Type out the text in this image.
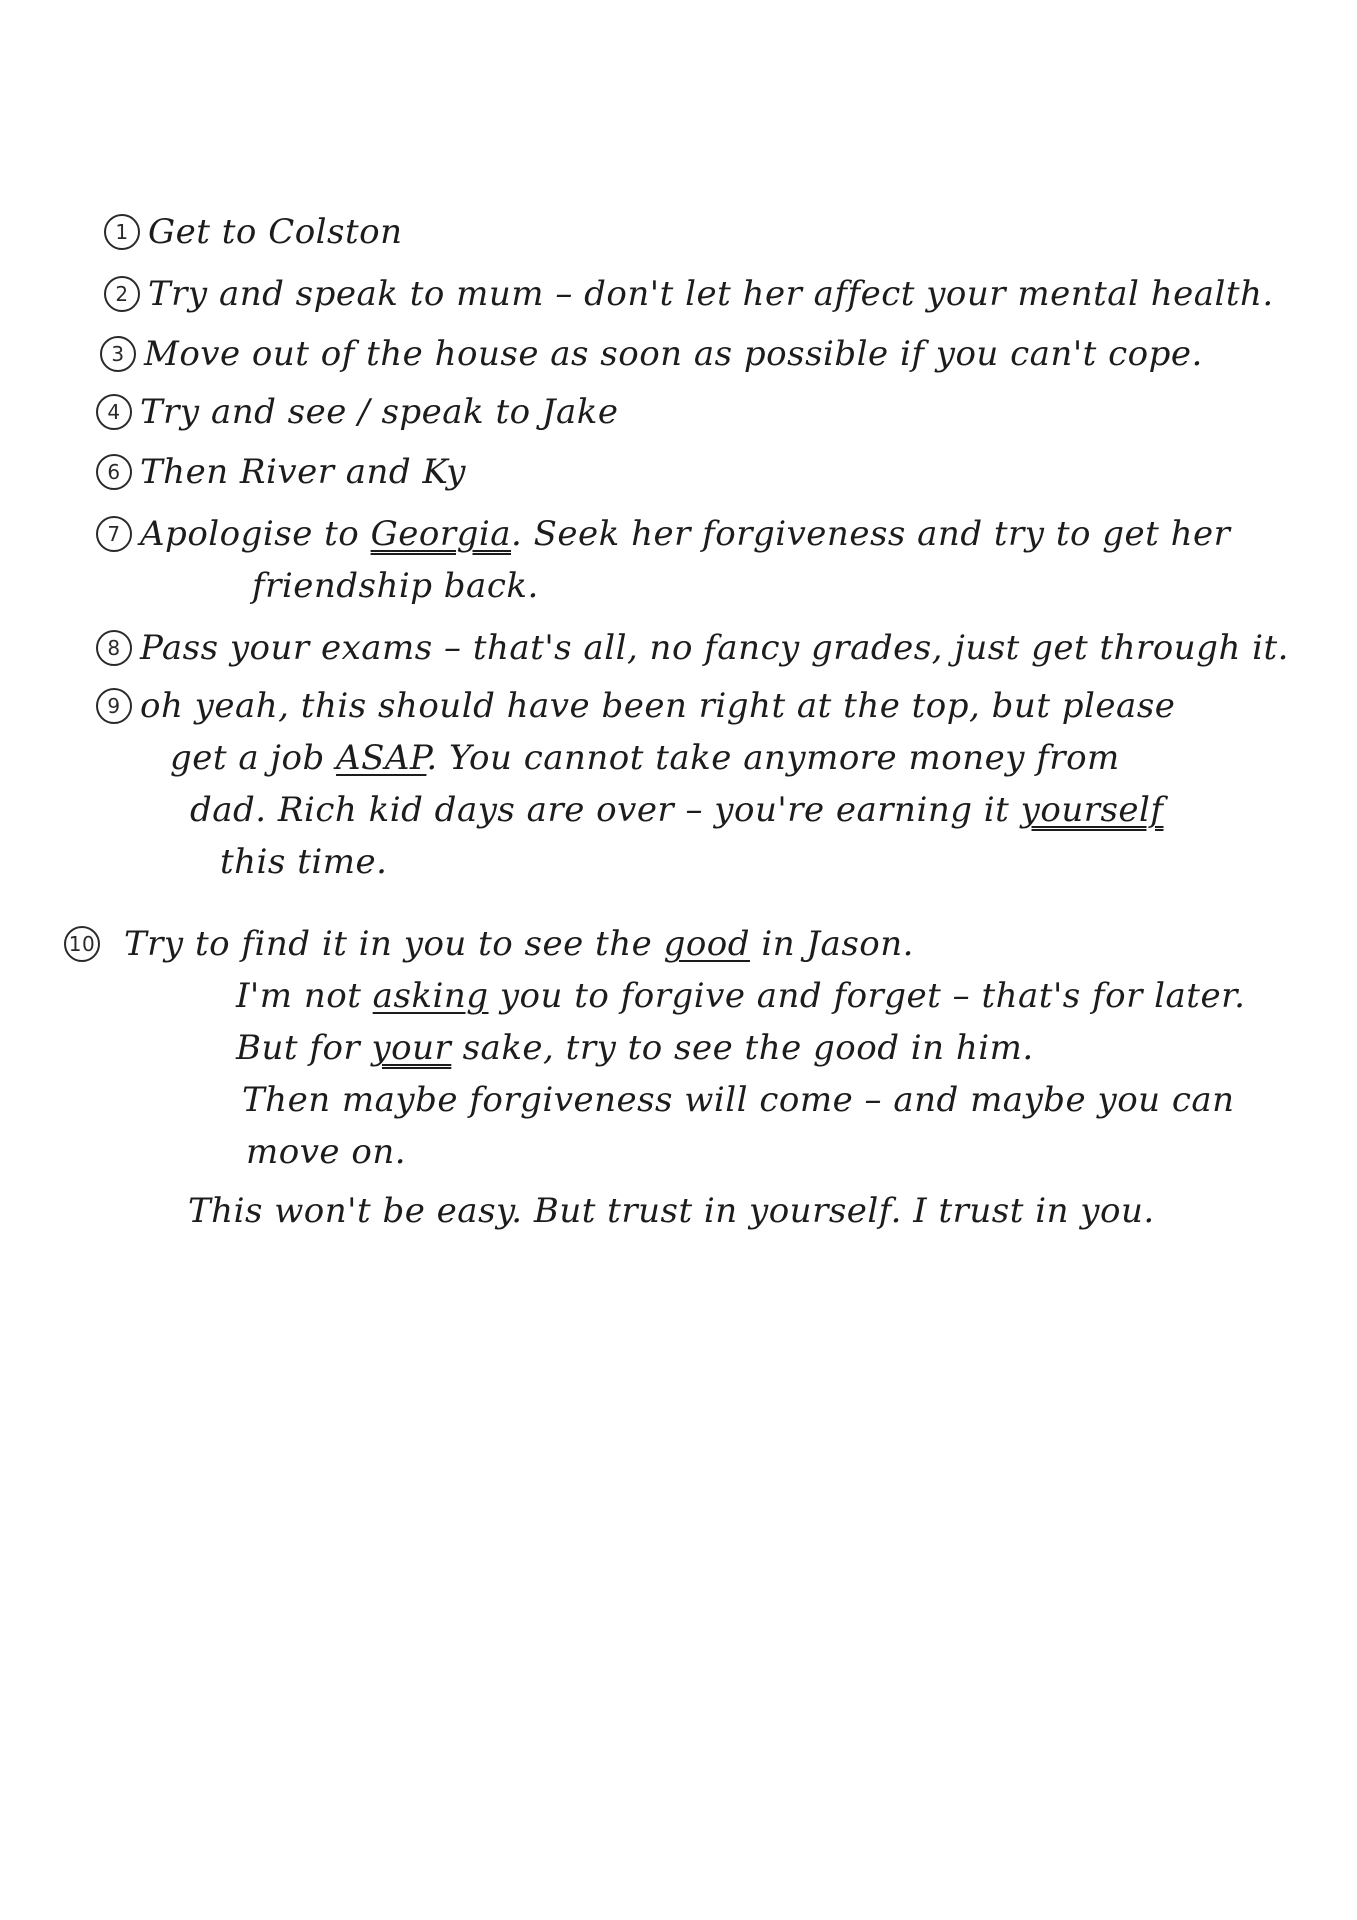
1 Get to Colston
2 Try and speak to mum – don't let her affect your mental health.
3 Move out of the house as soon as possible if you can't cope.
4 Try and see / speak to Jake
6 Then River and Ky
7 Apologise to Georgia. Seek her forgiveness and try to get her
friendship back.
8 Pass your exams – that's all, no fancy grades, just get through it.
9 oh yeah, this should have been right at the top, but please
get a job ASAP. You cannot take anymore money from
dad. Rich kid days are over – you're earning it yourself
this time.
10 Try to find it in you to see the good in Jason.
I'm not asking you to forgive and forget – that's for later.
But for your sake, try to see the good in him.
Then maybe forgiveness will come – and maybe you can
move on.
This won't be easy. But trust in yourself. I trust in you.
